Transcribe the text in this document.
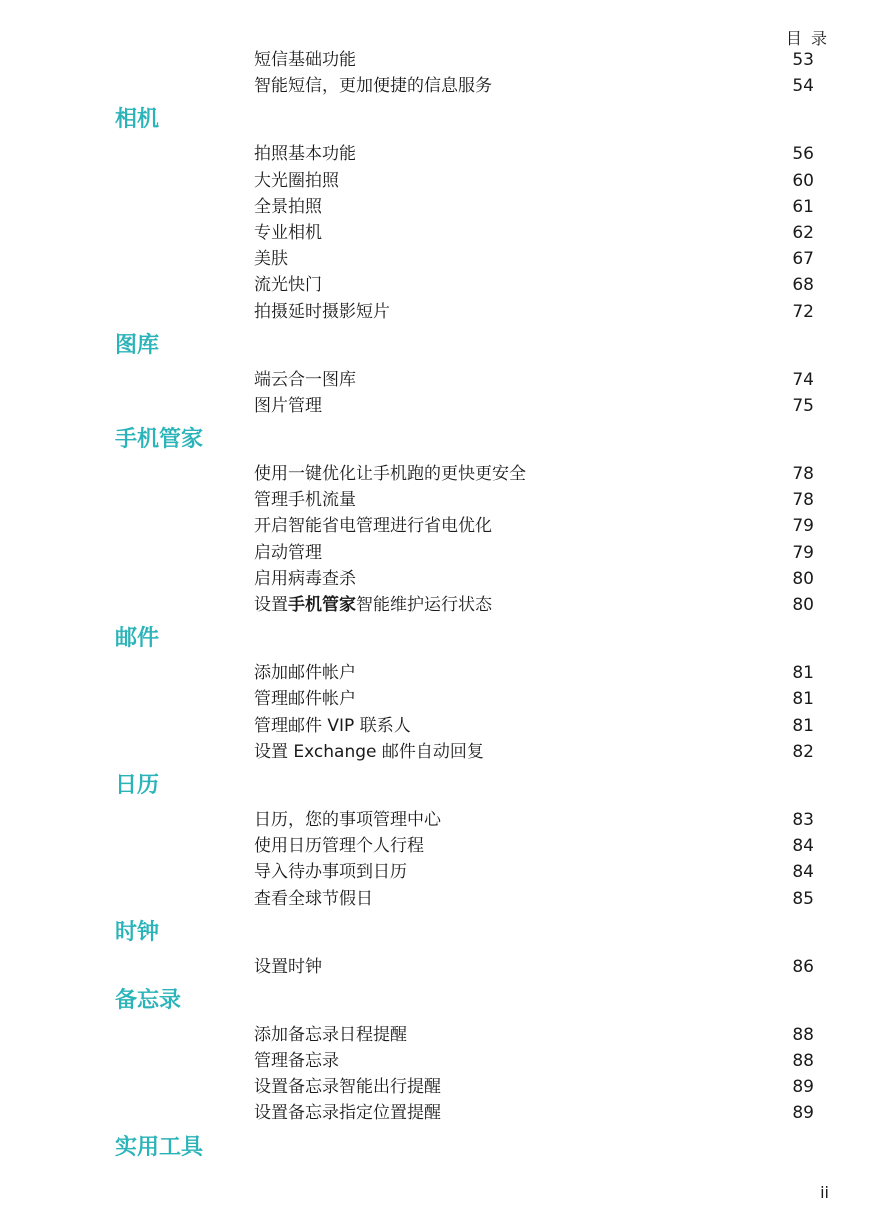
目 录
短信基础功能	53
智能短信，更加便捷的信息服务	54
相机
拍照基本功能	56
大光圈拍照	60
全景拍照	61
专业相机	62
美肤	67
流光快门	68
拍摄延时摄影短片	72
图库
端云合一图库	74
图片管理	75
手机管家
使用一键优化让手机跑的更快更安全	78
管理手机流量	78
开启智能省电管理进行省电优化	79
启动管理	79
启用病毒查杀	80
设置手机管家智能维护运行状态	80
邮件
添加邮件帐户	81
管理邮件帐户	81
管理邮件 VIP 联系人	81
设置 Exchange 邮件自动回复	82
日历
日历，您的事项管理中心	83
使用日历管理个人行程	84
导入待办事项到日历	84
查看全球节假日	85
时钟
设置时钟	86
备忘录
添加备忘录日程提醒	88
管理备忘录	88
设置备忘录智能出行提醒	89
设置备忘录指定位置提醒	89
实用工具
ii
